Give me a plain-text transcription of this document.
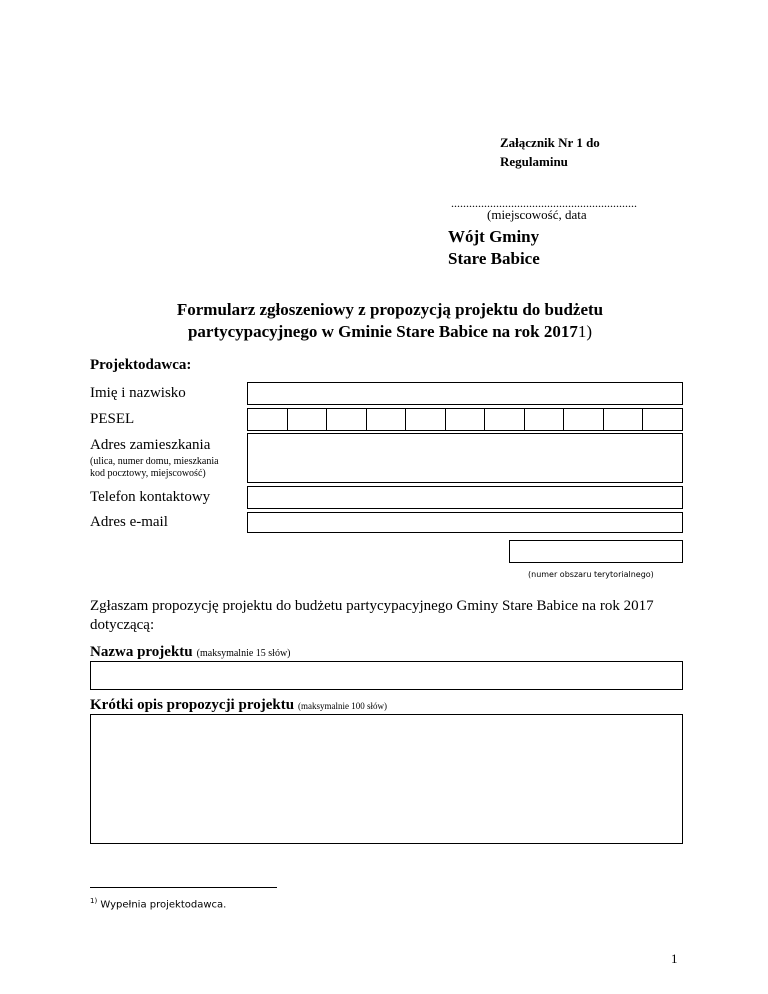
Załącznik Nr 1 do
Regulaminu
..............................................................
(miejscowość, data
Wójt Gminy
Stare Babice
Formularz zgłoszeniowy z propozycją projektu do budżetu
partycypacyjnego w Gminie Stare Babice na rok 20171)
Projektodawca:
Imię i nazwisko
PESEL
Adres zamieszkania
(ulica, numer domu, mieszkania
kod pocztowy, miejscowość)
Telefon kontaktowy
Adres e-mail
(numer obszaru terytorialnego)
Zgłaszam propozycję projektu do budżetu partycypacyjnego Gminy Stare Babice na rok 2017 dotyczącą:
Nazwa projektu (maksymalnie 15 słów)
Krótki opis propozycji projektu (maksymalnie 100 słów)
$^{1)}$ Wypełnia projektodawca.
1
